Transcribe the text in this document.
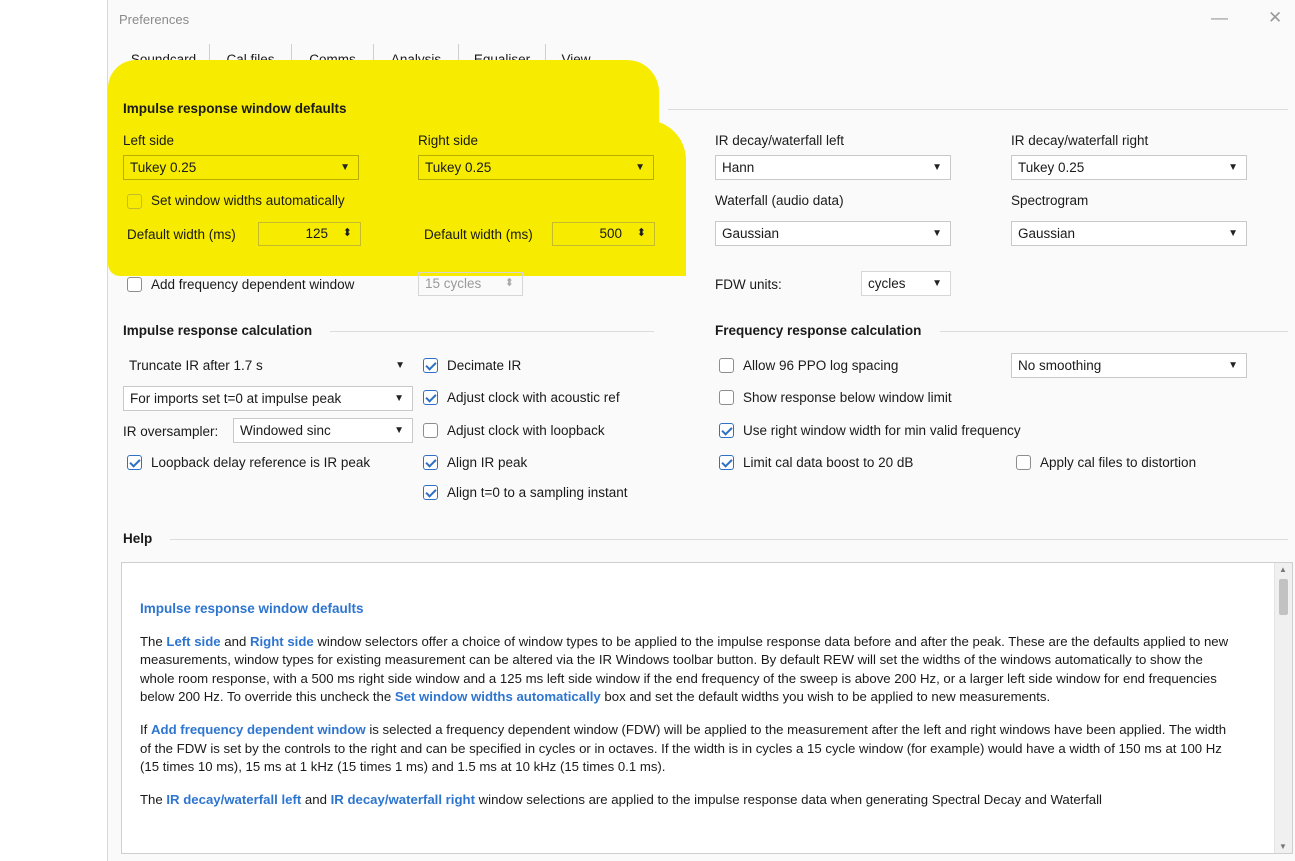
Preferences	— ✕
Impulse response window defaults
Left side
Tukey 0.25	▼
Right side
Tukey 0.25	▼
Set window widths automatically
Default width (ms)	125 ⬍	Default width (ms)	500 ⬍
Add frequency dependent window	15 cycles ⬍
IR decay/waterfall left
Hann	▼
IR decay/waterfall right
Tukey 0.25	▼
Waterfall (audio data)
Gaussian	▼
Spectrogram
Gaussian	▼
FDW units:	cycles	▼
Impulse response calculation
Truncate IR after 1.7 s	▼
For imports set t=0 at impulse peak	▼
IR oversampler:	Windowed sinc	▼
Loopback delay reference is IR peak
Decimate IR
Adjust clock with acoustic ref
Adjust clock with loopback
Align IR peak
Align t=0 to a sampling instant
Frequency response calculation
Allow 96 PPO log spacing	No smoothing	▼
Show response below window limit
Use right window width for min valid frequency
Limit cal data boost to 20 dB	Apply cal files to distortion
Help
Impulse response window defaults

The Left side and Right side window selectors offer a choice of window types to be applied to the impulse response data before and after the peak. These are the defaults applied to new measurements, window types for existing measurement can be altered via the IR Windows toolbar button. By default REW will set the widths of the windows automatically to show the whole room response, with a 500 ms right side window and a 125 ms left side window if the end frequency of the sweep is above 200 Hz, or a larger left side window for end frequencies below 200 Hz. To override this uncheck the Set window widths automatically box and set the default widths you wish to be applied to new measurements.

If Add frequency dependent window is selected a frequency dependent window (FDW) will be applied to the measurement after the left and right windows have been applied. The width of the FDW is set by the controls to the right and can be specified in cycles or in octaves. If the width is in cycles a 15 cycle window (for example) would have a width of 150 ms at 100 Hz (15 times 10 ms), 15 ms at 1 kHz (15 times 1 ms) and 1.5 ms at 10 kHz (15 times 0.1 ms).

The IR decay/waterfall left and IR decay/waterfall right window selections are applied to the impulse response data when generating Spectral Decay and Waterfall

▲
▼
